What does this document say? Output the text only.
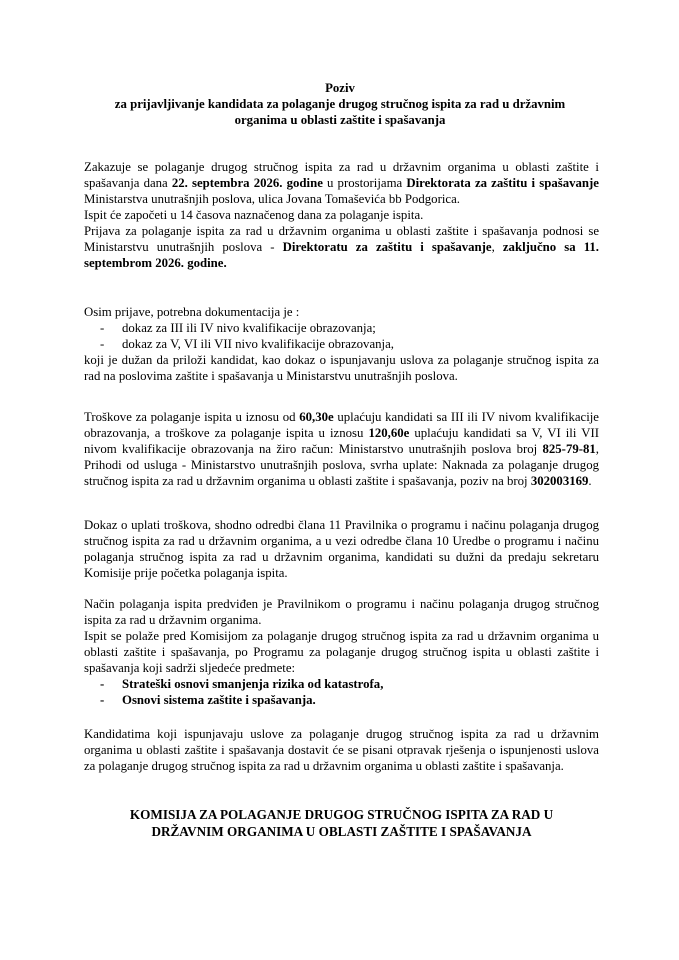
Poziv
za prijavljivanje kandidata za polaganje drugog stručnog ispita za rad u državnim
organima u oblasti zaštite i spašavanja

Zakazuje se polaganje drugog stručnog ispita za rad u državnim organima u oblasti zaštite i spašavanja dana 22. septembra 2026. godine u prostorijama Direktorata za zaštitu i spašavanje Ministarstva unutrašnjih poslova, ulica Jovana Tomaševića bb Podgorica.

Ispit će započeti u 14 časova naznačenog dana za polaganje ispita.

Prijava za polaganje ispita za rad u državnim organima u oblasti zaštite i spašavanja podnosi se Ministarstvu unutrašnjih poslova - Direktoratu za zaštitu i spašavanje, zaključno sa 11. septembrom 2026. godine.

Osim prijave, potrebna dokumentacija je :

- dokaz za III ili IV nivo kvalifikacije obrazovanja;
- dokaz za V, VI ili VII nivo kvalifikacije obrazovanja,

koji je dužan da priloži kandidat, kao dokaz o ispunjavanju uslova za polaganje stručnog ispita za rad na poslovima zaštite i spašavanja u Ministarstvu unutrašnjih poslova.

Troškove za polaganje ispita u iznosu od 60,30e uplaćuju kandidati sa III ili IV nivom kvalifikacije obrazovanja, a troškove za polaganje ispita u iznosu 120,60e uplaćuju kandidati sa V, VI ili VII nivom kvalifikacije obrazovanja na žiro račun: Ministarstvo unutrašnjih poslova broj 825-79-81, Prihodi od usluga - Ministarstvo unutrašnjih poslova, svrha uplate: Naknada za polaganje drugog stručnog ispita za rad u državnim organima u oblasti zaštite i spašavanja, poziv na broj 302003169.

Dokaz o uplati troškova, shodno odredbi člana 11 Pravilnika o programu i načinu polaganja drugog stručnog ispita za rad u državnim organima, a u vezi odredbe člana 10 Uredbe o programu i načinu polaganja stručnog ispita za rad u državnim organima, kandidati su dužni da predaju sekretaru Komisije prije početka polaganja ispita.

Način polaganja ispita predviđen je Pravilnikom o programu i načinu polaganja drugog stručnog ispita za rad u državnim organima.

Ispit se polaže pred Komisijom za polaganje drugog stručnog ispita za rad u državnim organima u oblasti zaštite i spašavanja, po Programu za polaganje drugog stručnog ispita u oblasti zaštite i spašavanja koji sadrži sljedeće predmete:

- Strateški osnovi smanjenja rizika od katastrofa,
- Osnovi sistema zaštite i spašavanja.

Kandidatima koji ispunjavaju uslove za polaganje drugog stručnog ispita za rad u državnim organima u oblasti zaštite i spašavanja dostavit će se pisani otpravak rješenja o ispunjenosti uslova za polaganje drugog stručnog ispita za rad u državnim organima u oblasti zaštite i spašavanja.

KOMISIJA ZA POLAGANJE DRUGOG STRUČNOG ISPITA ZA RAD U
DRŽAVNIM ORGANIMA U OBLASTI ZAŠTITE I SPAŠAVANJA
